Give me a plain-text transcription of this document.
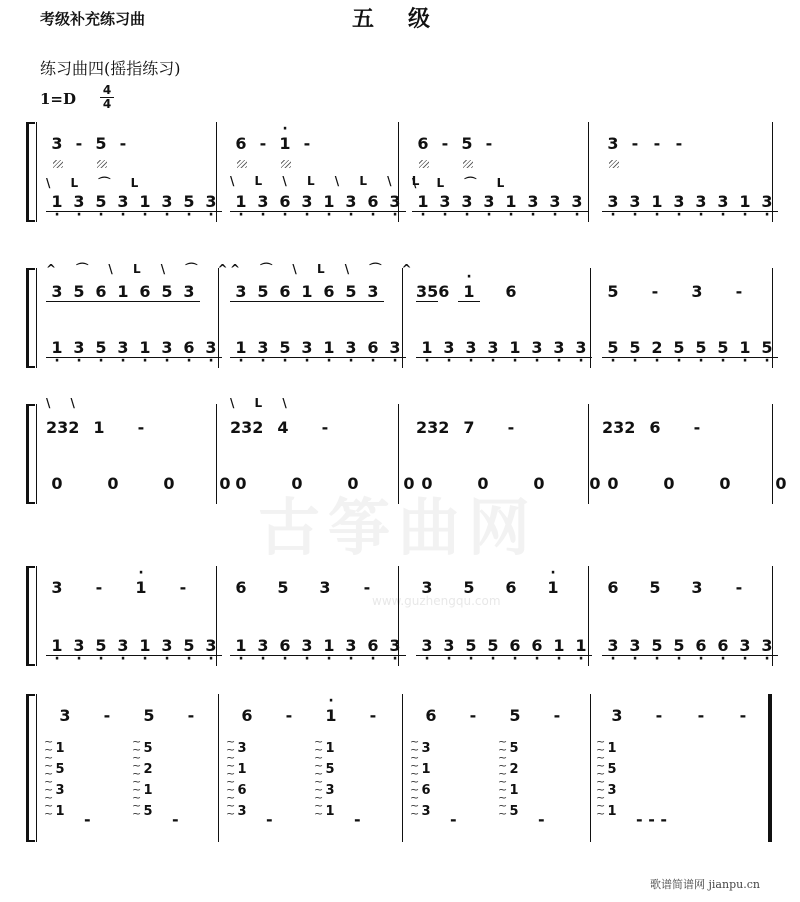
考级补充练习曲	五级
练习曲四(摇指练习)
1=D 4
4
古筝曲网
www.guzhengqu.com
歌谱简谱网 jianpu.cn
3 - 5 -
\ L ⌒ L
1 · 3 · 5 · 3 · 1 · 3 · 5 · 3 ·
6 - · 1 -
\ L \ L \ L \ L
1 · 3 · 6 · 3 · 1 · 3 · 6 · 3 ·
6 - 5 -
\ L ⌒ L
1 · 3 · 3 · 3 · 1 · 3 · 3 · 3 ·
3 - - -
3 · 3 · 1 · 3 · 3 · 3 · 1 · 3 ·
3 5 6 1 6 5 3
^ ⌒ \ L \ ⌒ ^
1 · 3 · 5 · 3 · 1 · 3 · 6 · 3 ·
3 5 6 1 6 5 3
^ ⌒ \ L \ ⌒ ^
1 · 3 · 5 · 3 · 1 · 3 · 6 · 3 ·
356 · 1	6
1 · 3 · 3 · 3 · 1 · 3 · 3 · 3 ·
5	-	3	-
5 · 5 · 2 · 5 · 5 · 5 · 1 · 5 ·
232 1	-
\ \
0	0	0	0
232 4	-
\ L \
0	0	0	0
232 7	-
0	0	0	0
232 6	-
0	0	0	0
3	-	· 1	-
1 · 3 · 5 · 3 · 1 · 3 · 5 · 3 ·
6	5	3	-
1 · 3 · 6 · 3 · 1 · 3 · 6 · 3 ·
3	5	6	· 1
3 · 3 · 5 · 5 · 6 · 6 · 1 · 1 ·
6	5	3	-
3 · 3 · 5 · 5 · 6 · 6 · 3 · 3 ·
3	-	5	-
~
~
~
~
~
~
~
~
~
~
1
5
3
1 -
~
~
~
~
~
~
~
~
~
~
5
2
1
5 -
6	-	· 1	-
~
~
~
~
~
~
~
~
~
~
3
1
6
3 -
~
~
~
~
~
~
~
~
~
~
1
5
3
1 -
6	-	5	-
~
~
~
~
~
~
~
~
~
~
3
1
6
3 -
~
~
~
~
~
~
~
~
~
~
5
2
1
5 -
3	-	-	-
~
~
~
~
~
~
~
~
~
~
1
5
3
1 - - -
